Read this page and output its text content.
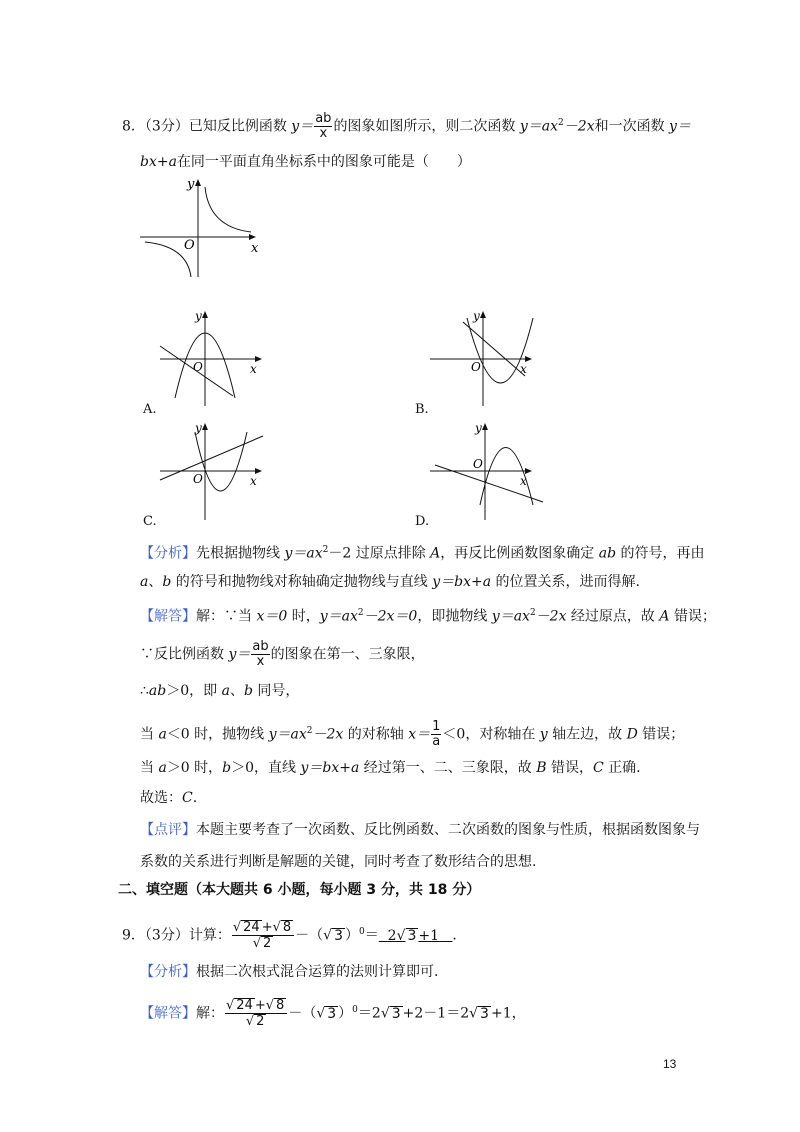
8．（3分）已知反比例函数 $y= \frac{ab}{x}$ 的图象如图所示，则二次函数 $y=ax^2-2x$和一次函数 y＝
bx+a在同一平面直角坐标系中的图象可能是（　　）
y
x
O
y
x
O
A.
y
x
O
B.
y
x
O
C.
y
x
O
D.
【分析】先根据抛物线 $y=ax^2-2$ 过原点排除 A，再反比例函数图象确定 ab 的符号，再由
a、b 的符号和抛物线对称轴确定抛物线与直线 y＝bx+a 的位置关系，进而得解.
【解答】解：∵当 x＝0 时，$y=ax^2-2x=0$，即抛物线 $y=ax^2-2x$ 经过原点，故 A 错误；
∵反比例函数 $y= \frac{ab}{x}$ 的图象在第一、三象限，
∴ab＞0，即 a、b 同号，
当 a＜0 时，抛物线 $y=ax^2-2x$ 的对称轴 $x= \frac{1}{a} <0$，对称轴在 y 轴左边，故 D 错误；
当 a＞0 时，b＞0，直线 y＝bx+a 经过第一、二、三象限，故 B 错误，C 正确.
故选：C.
【点评】本题主要考查了一次函数、反比例函数、二次函数的图象与性质，根据函数图象与
系数的关系进行判断是解题的关键，同时考查了数形结合的思想.
二、填空题（本大题共 6 小题，每小题 3 分，共 18 分）
9．（3分）计算： $\frac{√ 24 +√ 8}{√ 2}$ －（√ 3 ）$^0$＝ 2√ 3 +1 ．
【分析】根据二次根式混合运算的法则计算即可.
【解答】解： $\frac{√ 24 +√ 8}{√ 2}$ －（√ 3 ）$^0$＝2√ 3 +2－1＝2√ 3 +1，
13
